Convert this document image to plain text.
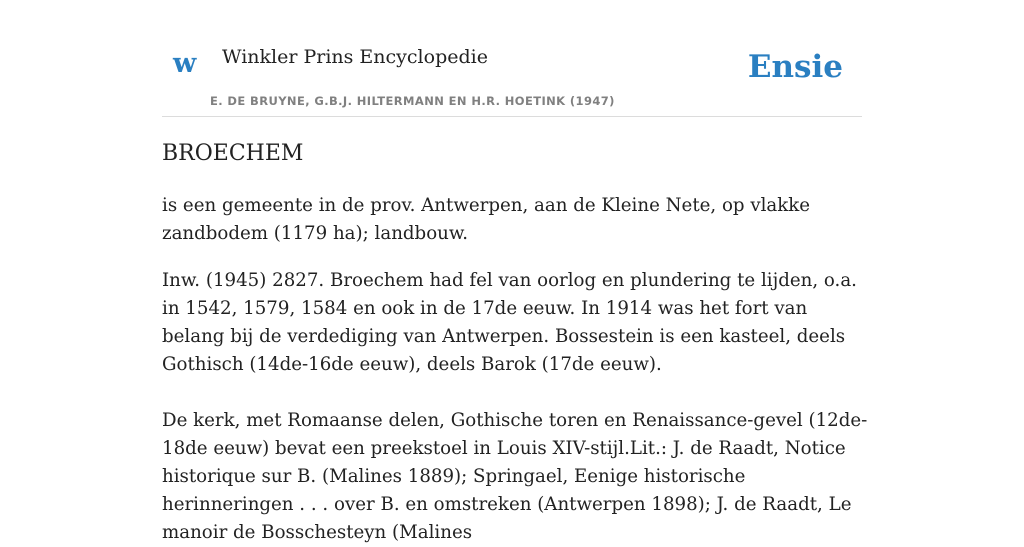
w Winkler Prins Encyclopedie
E. DE BRUYNE, G.B.J. HILTERMANN EN H.R. HOETINK (1947)
Ensie
BROECHEM

is een gemeente in de prov. Antwerpen, aan de Kleine Nete, op vlakke zandbodem (1179 ha); landbouw.

Inw. (1945) 2827. Broechem had fel van oorlog en plundering te lijden, o.a. in 1542, 1579, 1584 en ook in de 17de eeuw. In 1914 was het fort van belang bij de verdediging van Antwerpen. Bossestein is een kasteel, deels Gothisch (14de-16de eeuw), deels Barok (17de eeuw).

De kerk, met Romaanse delen, Gothische toren en Renaissance-gevel (12de-18de eeuw) bevat een preekstoel in Louis XIV-stijl.Lit.: J. de Raadt, Notice historique sur B. (Malines 1889); Springael, Eenige historische herinneringen . . . over B. en omstreken (Antwerpen 1898); J. de Raadt, Le manoir de Bosschesteyn (Malines
